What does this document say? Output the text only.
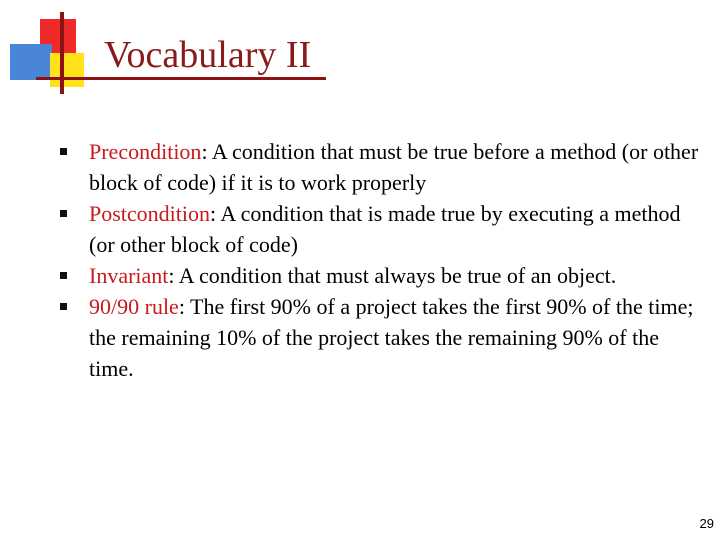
Vocabulary II
Precondition: A condition that must be true before a method (or other block of code) if it is to work properly
Postcondition: A condition that is made true by executing a method (or other block of code)
Invariant: A condition that must always be true of an object.
90/90 rule: The first 90% of a project takes the first 90% of the time; the remaining 10% of the project takes the remaining 90% of the time.
29
